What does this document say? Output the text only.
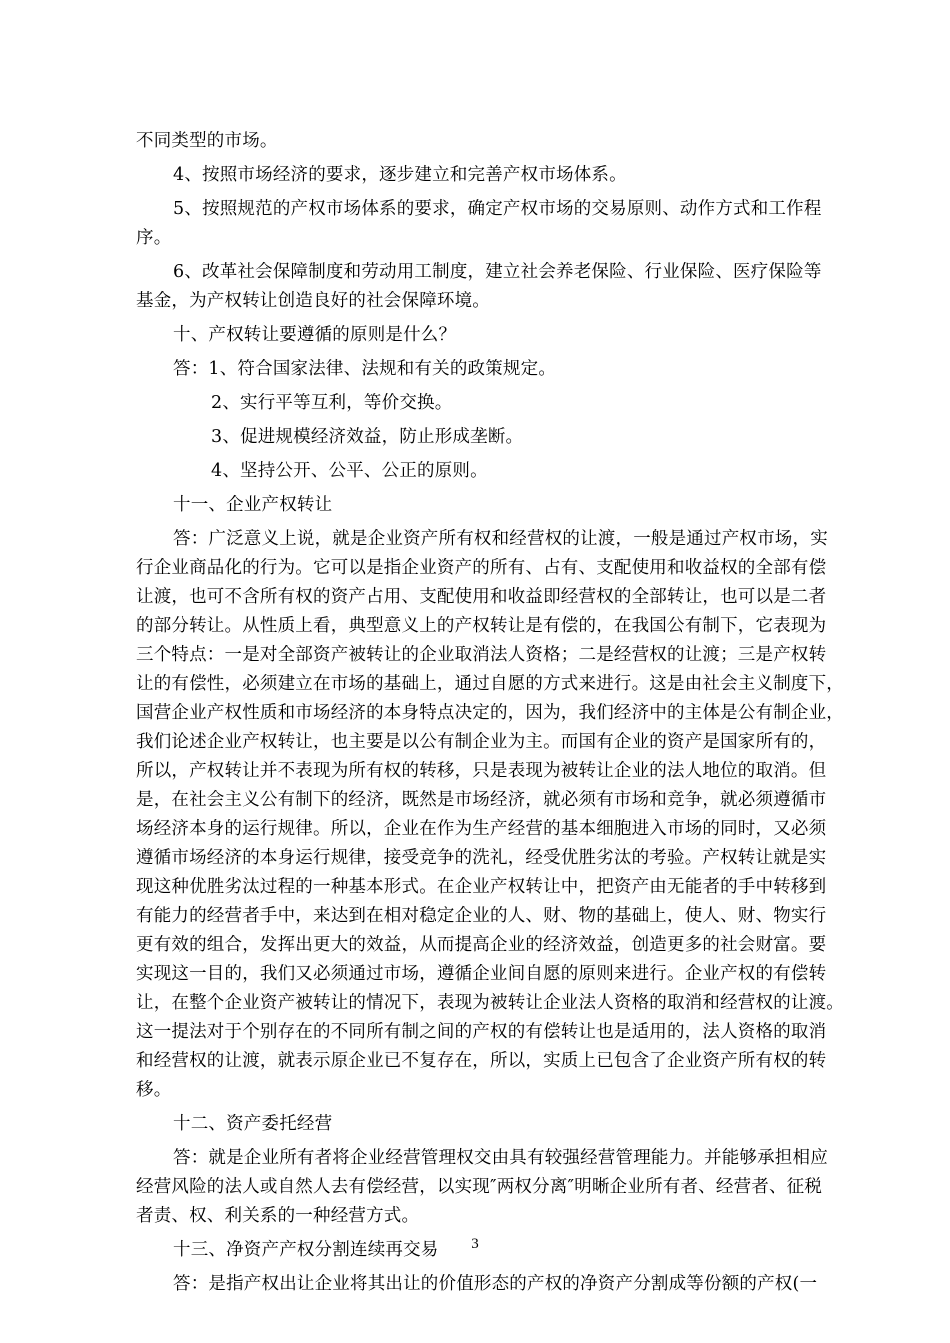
不同类型的市场。
4、按照市场经济的要求，逐步建立和完善产权市场体系。
5、按照规范的产权市场体系的要求，确定产权市场的交易原则、动作方式和工作程
序。
6、改革社会保障制度和劳动用工制度，建立社会养老保险、行业保险、医疗保险等
基金，为产权转让创造良好的社会保障环境。
十、产权转让要遵循的原则是什么？
答：1、符合国家法律、法规和有关的政策规定。
2、实行平等互利，等价交换。
3、促进规模经济效益，防止形成垄断。
4、坚持公开、公平、公正的原则。
十一、企业产权转让
答：广泛意义上说，就是企业资产所有权和经营权的让渡，一般是通过产权市场，实
行企业商品化的行为。它可以是指企业资产的所有、占有、支配使用和收益权的全部有偿
让渡，也可不含所有权的资产占用、支配使用和收益即经营权的全部转让，也可以是二者
的部分转让。从性质上看，典型意义上的产权转让是有偿的，在我国公有制下，它表现为
三个特点：一是对全部资产被转让的企业取消法人资格；二是经营权的让渡；三是产权转
让的有偿性，必须建立在市场的基础上，通过自愿的方式来进行。这是由社会主义制度下，
国营企业产权性质和市场经济的本身特点决定的，因为，我们经济中的主体是公有制企业，
我们论述企业产权转让，也主要是以公有制企业为主。而国有企业的资产是国家所有的，
所以，产权转让并不表现为所有权的转移，只是表现为被转让企业的法人地位的取消。但
是，在社会主义公有制下的经济，既然是市场经济，就必须有市场和竞争，就必须遵循市
场经济本身的运行规律。所以，企业在作为生产经营的基本细胞进入市场的同时，又必须
遵循市场经济的本身运行规律，接受竞争的洗礼，经受优胜劣汰的考验。产权转让就是实
现这种优胜劣汰过程的一种基本形式。在企业产权转让中，把资产由无能者的手中转移到
有能力的经营者手中，来达到在相对稳定企业的人、财、物的基础上，使人、财、物实行
更有效的组合，发挥出更大的效益，从而提高企业的经济效益，创造更多的社会财富。要
实现这一目的，我们又必须通过市场，遵循企业间自愿的原则来进行。企业产权的有偿转
让，在整个企业资产被转让的情况下，表现为被转让企业法人资格的取消和经营权的让渡。
这一提法对于个别存在的不同所有制之间的产权的有偿转让也是适用的，法人资格的取消
和经营权的让渡，就表示原企业已不复存在，所以，实质上已包含了企业资产所有权的转
移。
十二、资产委托经营
答：就是企业所有者将企业经营管理权交由具有较强经营管理能力。并能够承担相应
经营风险的法人或自然人去有偿经营，以实现″两权分离″明晰企业所有者、经营者、征税
者责、权、利关系的一种经营方式。
十三、净资产产权分割连续再交易
答：是指产权出让企业将其出让的价值形态的产权的净资产分割成等份额的产权(一
3
